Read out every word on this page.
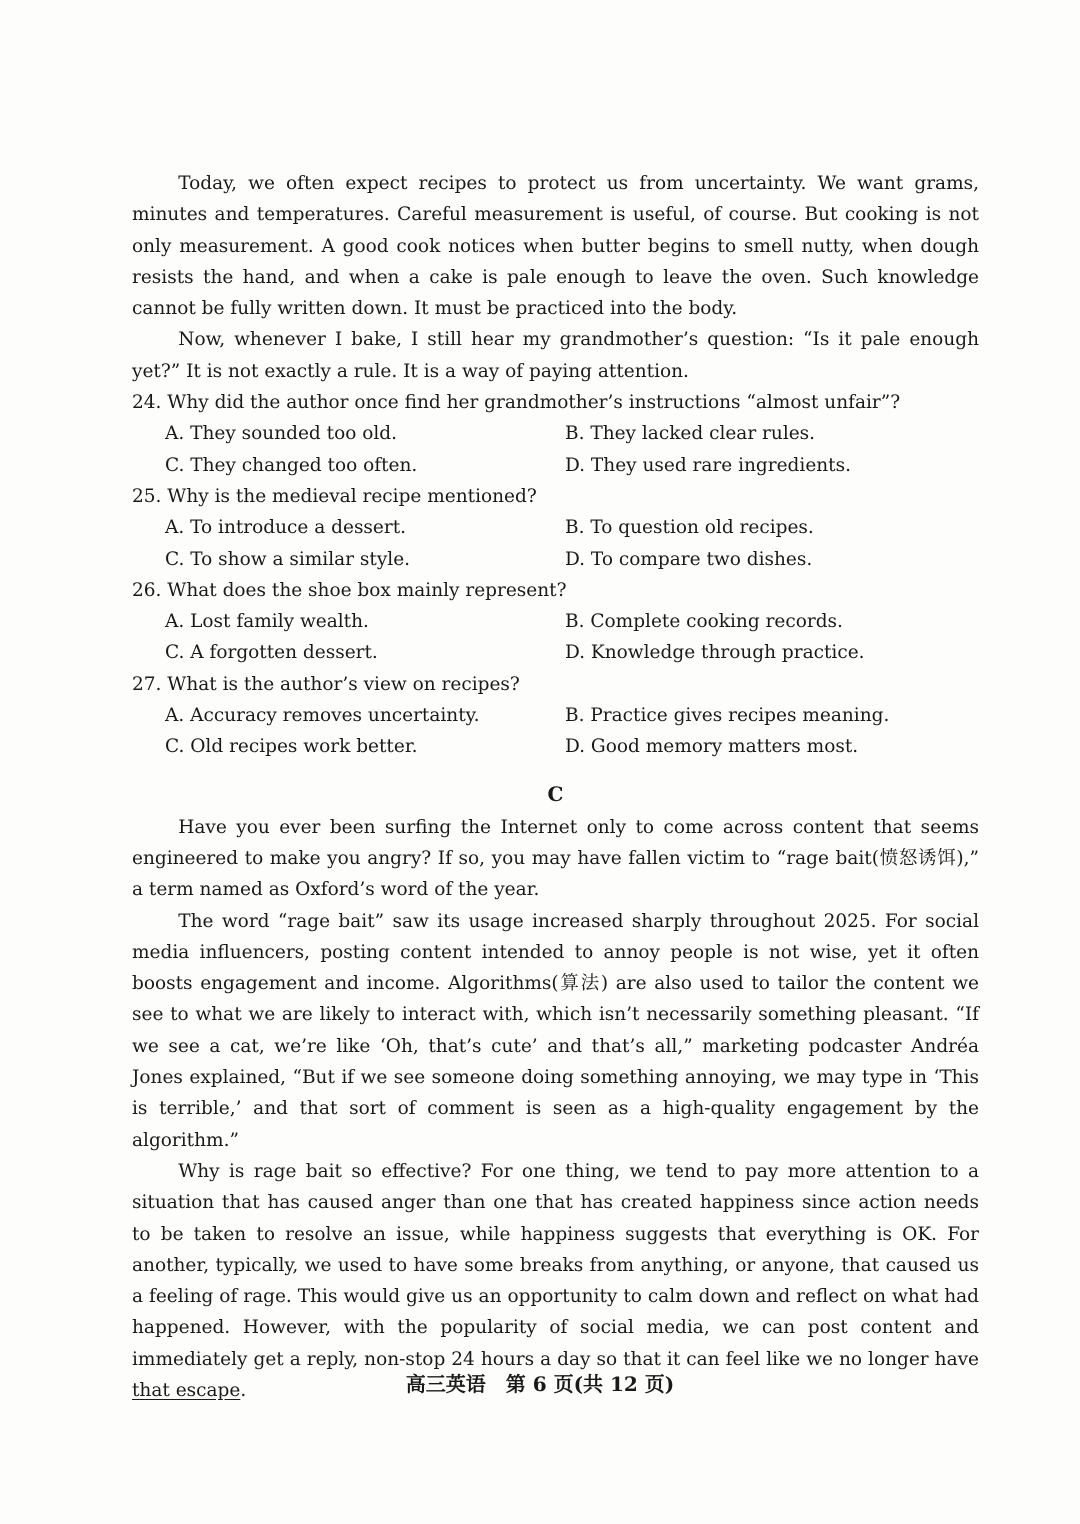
Today, we often expect recipes to protect us from uncertainty. We want grams, minutes and temperatures. Careful measurement is useful, of course. But cooking is not only measurement. A good cook notices when butter begins to smell nutty, when dough resists the hand, and when a cake is pale enough to leave the oven. Such knowledge cannot be fully written down. It must be practiced into the body.

Now, whenever I bake, I still hear my grandmother’s question: “Is it pale enough yet?” It is not exactly a rule. It is a way of paying attention.

24. Why did the author once find her grandmother’s instructions “almost unfair”?

A. They sounded too old.	B. They lacked clear rules.
C. They changed too often.	D. They used rare ingredients.

25. Why is the medieval recipe mentioned?

A. To introduce a dessert.	B. To question old recipes.
C. To show a similar style.	D. To compare two dishes.

26. What does the shoe box mainly represent?

A. Lost family wealth.	B. Complete cooking records.
C. A forgotten dessert.	D. Knowledge through practice.

27. What is the author’s view on recipes?

A. Accuracy removes uncertainty.	B. Practice gives recipes meaning.
C. Old recipes work better.	D. Good memory matters most.
C

Have you ever been surfing the Internet only to come across content that seems engineered to make you angry? If so, you may have fallen victim to “rage bait(愤怒诱饵),” a term named as Oxford’s word of the year.

The word “rage bait” saw its usage increased sharply throughout 2025. For social media influencers, posting content intended to annoy people is not wise, yet it often boosts engagement and income. Algorithms(算法) are also used to tailor the content we see to what we are likely to interact with, which isn’t necessarily something pleasant. “If we see a cat, we’re like ‘Oh, that’s cute’ and that’s all,” marketing podcaster Andréa Jones explained, “But if we see someone doing something annoying, we may type in ‘This is terrible,’ and that sort of comment is seen as a high-quality engagement by the algorithm.”

Why is rage bait so effective? For one thing, we tend to pay more attention to a situation that has caused anger than one that has created happiness since action needs to be taken to resolve an issue, while happiness suggests that everything is OK. For another, typically, we used to have some breaks from anything, or anyone, that caused us a feeling of rage. This would give us an opportunity to calm down and reflect on what had happened. However, with the popularity of social media, we can post content and immediately get a reply, non-stop 24 hours a day so that it can feel like we no longer have that escape.	高三英语　第 6 页(共 12 页)
